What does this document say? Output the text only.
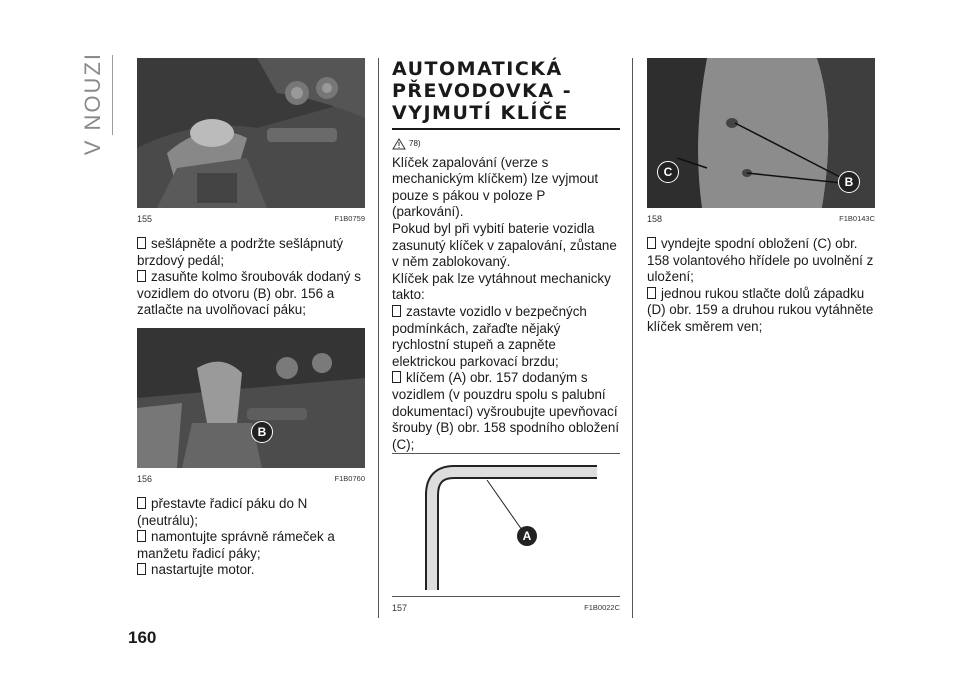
V NOUZI
155	F1B0759

sešlápněte a podržte sešlápnutý brzdový pedál;

zasuňte kolmo šroubovák dodaný s vozidlem do otvoru (B) obr. 156 a zatlačte na uvolňovací páku;

B
156	F1B0760

přestavte řadicí páku do N (neutrálu);

namontujte správně rámeček a manžetu řadicí páky;

nastartujte motor.

AUTOMATICKÁ
PŘEVODOVKA -
VYJMUTÍ KLÍČE
78)

Klíček zapalování (verze s mechanickým klíčkem) lze vyjmout pouze s pákou v poloze P (parkování).

Pokud byl při vybití baterie vozidla zasunutý klíček v zapalování, zůstane v něm zablokovaný.

Klíček pak lze vytáhnout mechanicky takto:

zastavte vozidlo v bezpečných podmínkách, zařaďte nějaký rychlostní stupeň a zapněte elektrickou parkovací brzdu;

klíčem (A) obr. 157 dodaným s vozidlem (v pouzdru spolu s palubní dokumentací) vyšroubujte upevňovací šrouby (B) obr. 158 spodního obložení (C);

A
157	F1B0022C
C
B
158	F1B0143C

vyndejte spodní obložení (C) obr. 158 volantového hřídele po uvolnění z uložení;

jednou rukou stlačte dolů západku (D) obr. 159 a druhou rukou vytáhněte klíček směrem ven;

160
